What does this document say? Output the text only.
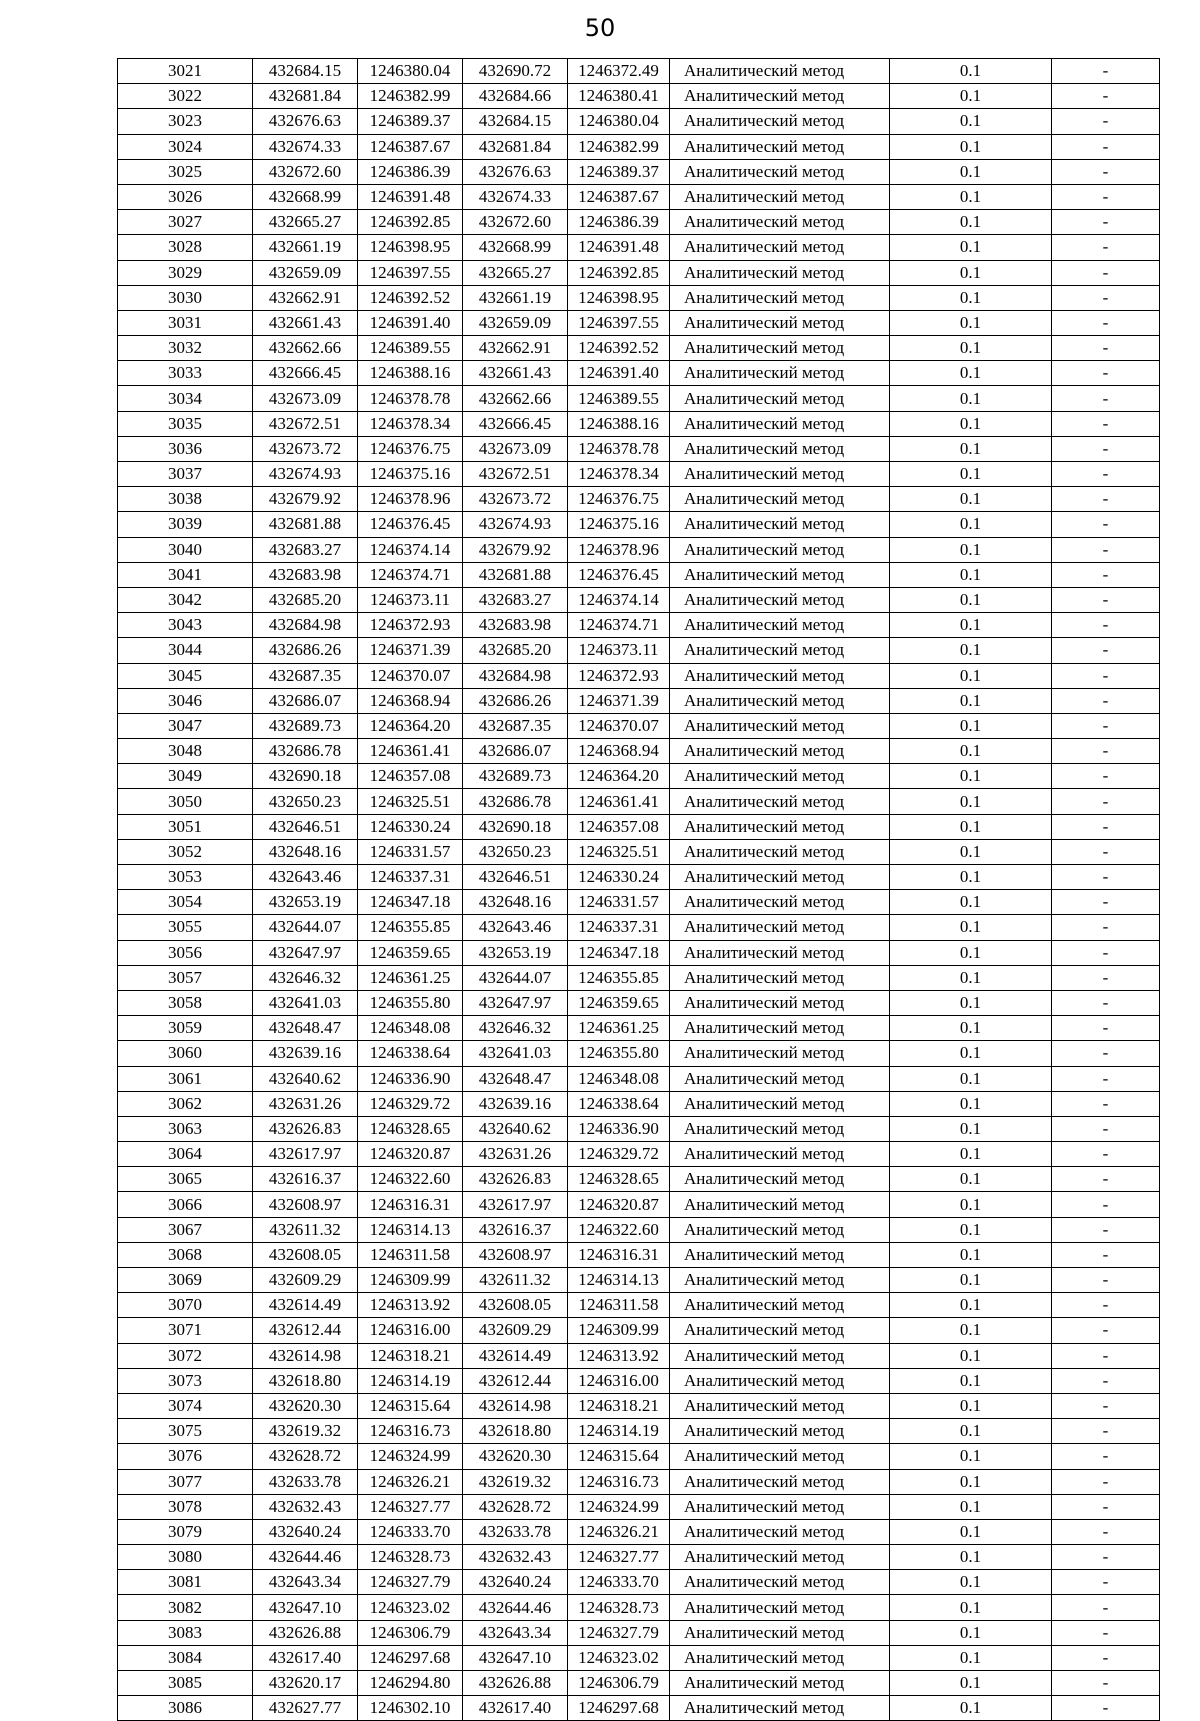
50
3021	432684.15	1246380.04	432690.72	1246372.49	Аналитический метод	0.1	-
3022	432681.84	1246382.99	432684.66	1246380.41	Аналитический метод	0.1	-
3023	432676.63	1246389.37	432684.15	1246380.04	Аналитический метод	0.1	-
3024	432674.33	1246387.67	432681.84	1246382.99	Аналитический метод	0.1	-
3025	432672.60	1246386.39	432676.63	1246389.37	Аналитический метод	0.1	-
3026	432668.99	1246391.48	432674.33	1246387.67	Аналитический метод	0.1	-
3027	432665.27	1246392.85	432672.60	1246386.39	Аналитический метод	0.1	-
3028	432661.19	1246398.95	432668.99	1246391.48	Аналитический метод	0.1	-
3029	432659.09	1246397.55	432665.27	1246392.85	Аналитический метод	0.1	-
3030	432662.91	1246392.52	432661.19	1246398.95	Аналитический метод	0.1	-
3031	432661.43	1246391.40	432659.09	1246397.55	Аналитический метод	0.1	-
3032	432662.66	1246389.55	432662.91	1246392.52	Аналитический метод	0.1	-
3033	432666.45	1246388.16	432661.43	1246391.40	Аналитический метод	0.1	-
3034	432673.09	1246378.78	432662.66	1246389.55	Аналитический метод	0.1	-
3035	432672.51	1246378.34	432666.45	1246388.16	Аналитический метод	0.1	-
3036	432673.72	1246376.75	432673.09	1246378.78	Аналитический метод	0.1	-
3037	432674.93	1246375.16	432672.51	1246378.34	Аналитический метод	0.1	-
3038	432679.92	1246378.96	432673.72	1246376.75	Аналитический метод	0.1	-
3039	432681.88	1246376.45	432674.93	1246375.16	Аналитический метод	0.1	-
3040	432683.27	1246374.14	432679.92	1246378.96	Аналитический метод	0.1	-
3041	432683.98	1246374.71	432681.88	1246376.45	Аналитический метод	0.1	-
3042	432685.20	1246373.11	432683.27	1246374.14	Аналитический метод	0.1	-
3043	432684.98	1246372.93	432683.98	1246374.71	Аналитический метод	0.1	-
3044	432686.26	1246371.39	432685.20	1246373.11	Аналитический метод	0.1	-
3045	432687.35	1246370.07	432684.98	1246372.93	Аналитический метод	0.1	-
3046	432686.07	1246368.94	432686.26	1246371.39	Аналитический метод	0.1	-
3047	432689.73	1246364.20	432687.35	1246370.07	Аналитический метод	0.1	-
3048	432686.78	1246361.41	432686.07	1246368.94	Аналитический метод	0.1	-
3049	432690.18	1246357.08	432689.73	1246364.20	Аналитический метод	0.1	-
3050	432650.23	1246325.51	432686.78	1246361.41	Аналитический метод	0.1	-
3051	432646.51	1246330.24	432690.18	1246357.08	Аналитический метод	0.1	-
3052	432648.16	1246331.57	432650.23	1246325.51	Аналитический метод	0.1	-
3053	432643.46	1246337.31	432646.51	1246330.24	Аналитический метод	0.1	-
3054	432653.19	1246347.18	432648.16	1246331.57	Аналитический метод	0.1	-
3055	432644.07	1246355.85	432643.46	1246337.31	Аналитический метод	0.1	-
3056	432647.97	1246359.65	432653.19	1246347.18	Аналитический метод	0.1	-
3057	432646.32	1246361.25	432644.07	1246355.85	Аналитический метод	0.1	-
3058	432641.03	1246355.80	432647.97	1246359.65	Аналитический метод	0.1	-
3059	432648.47	1246348.08	432646.32	1246361.25	Аналитический метод	0.1	-
3060	432639.16	1246338.64	432641.03	1246355.80	Аналитический метод	0.1	-
3061	432640.62	1246336.90	432648.47	1246348.08	Аналитический метод	0.1	-
3062	432631.26	1246329.72	432639.16	1246338.64	Аналитический метод	0.1	-
3063	432626.83	1246328.65	432640.62	1246336.90	Аналитический метод	0.1	-
3064	432617.97	1246320.87	432631.26	1246329.72	Аналитический метод	0.1	-
3065	432616.37	1246322.60	432626.83	1246328.65	Аналитический метод	0.1	-
3066	432608.97	1246316.31	432617.97	1246320.87	Аналитический метод	0.1	-
3067	432611.32	1246314.13	432616.37	1246322.60	Аналитический метод	0.1	-
3068	432608.05	1246311.58	432608.97	1246316.31	Аналитический метод	0.1	-
3069	432609.29	1246309.99	432611.32	1246314.13	Аналитический метод	0.1	-
3070	432614.49	1246313.92	432608.05	1246311.58	Аналитический метод	0.1	-
3071	432612.44	1246316.00	432609.29	1246309.99	Аналитический метод	0.1	-
3072	432614.98	1246318.21	432614.49	1246313.92	Аналитический метод	0.1	-
3073	432618.80	1246314.19	432612.44	1246316.00	Аналитический метод	0.1	-
3074	432620.30	1246315.64	432614.98	1246318.21	Аналитический метод	0.1	-
3075	432619.32	1246316.73	432618.80	1246314.19	Аналитический метод	0.1	-
3076	432628.72	1246324.99	432620.30	1246315.64	Аналитический метод	0.1	-
3077	432633.78	1246326.21	432619.32	1246316.73	Аналитический метод	0.1	-
3078	432632.43	1246327.77	432628.72	1246324.99	Аналитический метод	0.1	-
3079	432640.24	1246333.70	432633.78	1246326.21	Аналитический метод	0.1	-
3080	432644.46	1246328.73	432632.43	1246327.77	Аналитический метод	0.1	-
3081	432643.34	1246327.79	432640.24	1246333.70	Аналитический метод	0.1	-
3082	432647.10	1246323.02	432644.46	1246328.73	Аналитический метод	0.1	-
3083	432626.88	1246306.79	432643.34	1246327.79	Аналитический метод	0.1	-
3084	432617.40	1246297.68	432647.10	1246323.02	Аналитический метод	0.1	-
3085	432620.17	1246294.80	432626.88	1246306.79	Аналитический метод	0.1	-
3086	432627.77	1246302.10	432617.40	1246297.68	Аналитический метод	0.1	-
